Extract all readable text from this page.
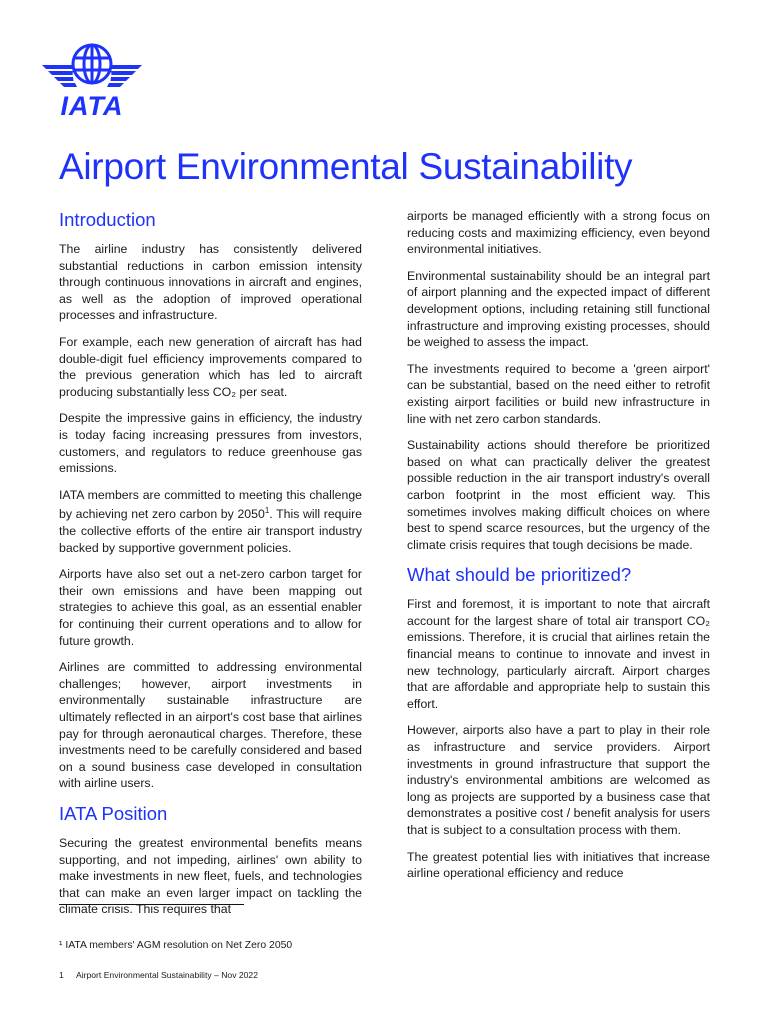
IATA
Airport Environmental Sustainability
Introduction

The airline industry has consistently delivered substantial reductions in carbon emission intensity through continuous innovations in aircraft and engines, as well as the adoption of improved operational processes and infrastructure.

For example, each new generation of aircraft has had double-digit fuel efficiency improvements compared to the previous generation which has led to aircraft producing substantially less CO₂ per seat.

Despite the impressive gains in efficiency, the industry is today facing increasing pressures from investors, customers, and regulators to reduce greenhouse gas emissions.

IATA members are committed to meeting this challenge by achieving net zero carbon by 2050$^1$. This will require the collective efforts of the entire air transport industry backed by supportive government policies.

Airports have also set out a net-zero carbon target for their own emissions and have been mapping out strategies to achieve this goal, as an essential enabler for continuing their current operations and to allow for future growth.

Airlines are committed to addressing environmental challenges; however, airport investments in environmentally sustainable infrastructure are ultimately reflected in an airport's cost base that airlines pay for through aeronautical charges. Therefore, these investments need to be carefully considered and based on a sound business case developed in consultation with airline users.

IATA Position

Securing the greatest environmental benefits means supporting, and not impeding, airlines' own ability to make investments in new fleet, fuels, and technologies that can make an even larger impact on tackling the climate crisis. This requires that

airports be managed efficiently with a strong focus on reducing costs and maximizing efficiency, even beyond environmental initiatives.

Environmental sustainability should be an integral part of airport planning and the expected impact of different development options, including retaining still functional infrastructure and improving existing processes, should be weighed to assess the impact.

The investments required to become a 'green airport' can be substantial, based on the need either to retrofit existing airport facilities or build new infrastructure in line with net zero carbon standards.

Sustainability actions should therefore be prioritized based on what can practically deliver the greatest possible reduction in the air transport industry's overall carbon footprint in the most efficient way. This sometimes involves making difficult choices on where best to spend scarce resources, but the urgency of the climate crisis requires that tough decisions be made.

What should be prioritized?

First and foremost, it is important to note that aircraft account for the largest share of total air transport CO₂ emissions. Therefore, it is crucial that airlines retain the financial means to continue to innovate and invest in new technology, particularly aircraft. Airport charges that are affordable and appropriate help to sustain this effort.

However, airports also have a part to play in their role as infrastructure and service providers. Airport investments in ground infrastructure that support the industry's environmental ambitions are welcomed as long as projects are supported by a business case that demonstrates a positive cost / benefit analysis for users that is subject to a consultation process with them.

The greatest potential lies with initiatives that increase airline operational efficiency and reduce

¹ IATA members' AGM resolution on Net Zero 2050
1 Airport Environmental Sustainability – Nov 2022
